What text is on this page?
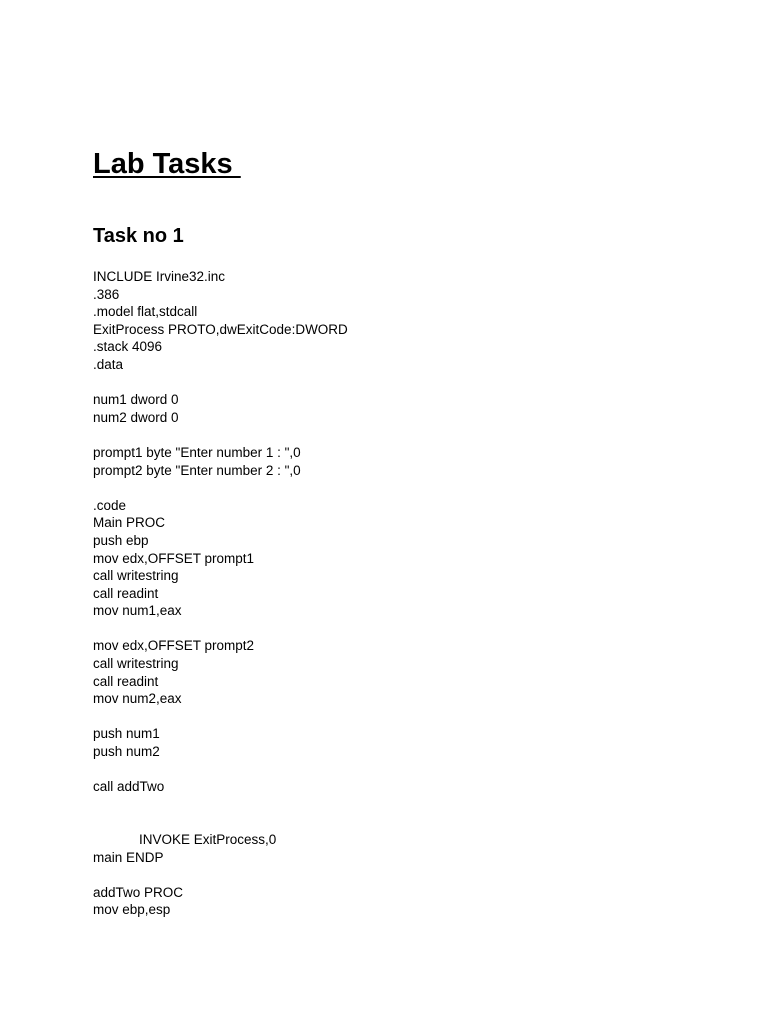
Lab Tasks
Task no 1
INCLUDE Irvine32.inc
.386
.model flat,stdcall
ExitProcess PROTO,dwExitCode:DWORD
.stack 4096
.data
num1 dword 0
num2 dword 0
prompt1 byte "Enter number 1 : ",0
prompt2 byte "Enter number 2 : ",0
.code
Main PROC
push ebp
mov edx,OFFSET prompt1
call writestring
call readint
mov num1,eax
mov edx,OFFSET prompt2
call writestring
call readint
mov num2,eax
push num1
push num2
call addTwo
INVOKE ExitProcess,0
main ENDP
addTwo PROC
mov ebp,esp
